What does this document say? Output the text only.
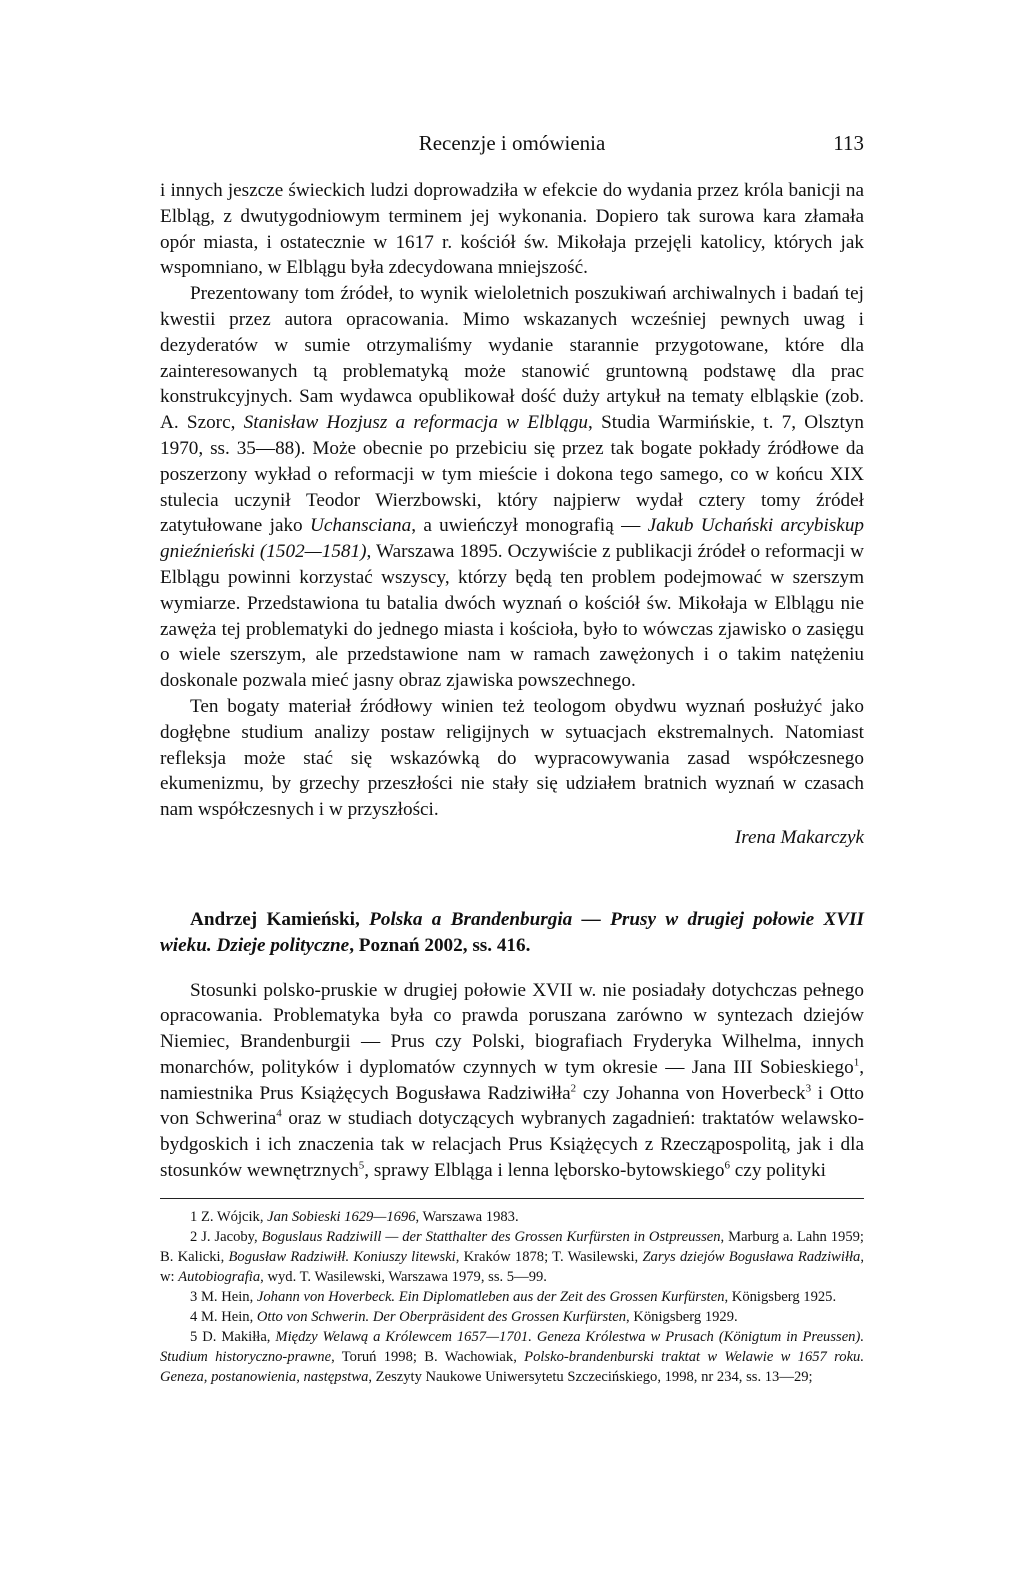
Recenzje i omówienia	113

i innych jeszcze świeckich ludzi doprowadziła w efekcie do wydania przez króla banicji na Elbląg, z dwutygodniowym terminem jej wykonania. Dopiero tak surowa kara złamała opór miasta, i ostatecznie w 1617 r. kościół św. Mikołaja przejęli katolicy, których jak wspomniano, w Elblągu była zdecydowana mniejszość.

Prezentowany tom źródeł, to wynik wieloletnich poszukiwań archiwalnych i badań tej kwestii przez autora opracowania. Mimo wskazanych wcześniej pewnych uwag i dezyderatów w sumie otrzymaliśmy wydanie starannie przygotowane, które dla zainteresowanych tą problematyką może stanowić gruntowną podstawę dla prac konstrukcyjnych. Sam wydawca opublikował dość duży artykuł na tematy elbląskie (zob. A. Szorc, Stanisław Hozjusz a reformacja w Elblągu, Studia Warmińskie, t. 7, Olsztyn 1970, ss. 35—88). Może obecnie po przebiciu się przez tak bogate pokłady źródłowe da poszerzony wykład o reformacji w tym mieście i dokona tego samego, co w końcu XIX stulecia uczynił Teodor Wierzbowski, który najpierw wydał cztery tomy źródeł zatytułowane jako Uchansciana, a uwieńczył monografią — Jakub Uchański arcybiskup gnieźnieński (1502—1581), Warszawa 1895. Oczywiście z publikacji źródeł o reformacji w Elblągu powinni korzystać wszyscy, którzy będą ten problem podejmować w szerszym wymiarze. Przedstawiona tu batalia dwóch wyznań o kościół św. Mikołaja w Elblągu nie zawęża tej problematyki do jednego miasta i kościoła, było to wówczas zjawisko o zasięgu o wiele szerszym, ale przedstawione nam w ramach zawężonych i o takim natężeniu doskonale pozwala mieć jasny obraz zjawiska powszechnego.

Ten bogaty materiał źródłowy winien też teologom obydwu wyznań posłużyć jako dogłębne studium analizy postaw religijnych w sytuacjach ekstremalnych. Natomiast refleksja może stać się wskazówką do wypracowywania zasad współczesnego ekumenizmu, by grzechy przeszłości nie stały się udziałem bratnich wyznań w czasach nam współczesnych i w przyszłości.

Irena Makarczyk

Andrzej Kamieński, Polska a Brandenburgia — Prusy w drugiej połowie XVII wieku. Dzieje polityczne, Poznań 2002, ss. 416.

Stosunki polsko-pruskie w drugiej połowie XVII w. nie posiadały dotychczas pełnego opracowania. Problematyka była co prawda poruszana zarówno w syntezach dziejów Niemiec, Brandenburgii — Prus czy Polski, biografiach Fryderyka Wilhelma, innych monarchów, polityków i dyplomatów czynnych w tym okresie — Jana III Sobieskiego$^1$, namiestnika Prus Książęcych Bogusława Radziwiłła$^2$ czy Johanna von Hoverbeck$^3$ i Otto von Schwerina$^4$ oraz w studiach dotyczących wybranych zagadnień: traktatów welawsko-bydgoskich i ich znaczenia tak w relacjach Prus Książęcych z Rzecząpospolitą, jak i dla stosunków wewnętrznych$^5$, sprawy Elbląga i lenna lęborsko-bytowskiego$^6$ czy polityki

1 Z. Wójcik, Jan Sobieski 1629—1696, Warszawa 1983.

2 J. Jacoby, Boguslaus Radziwill — der Statthalter des Grossen Kurfürsten in Ostpreussen, Marburg a. Lahn 1959; B. Kalicki, Bogusław Radziwiłł. Koniuszy litewski, Kraków 1878; T. Wasilewski, Zarys dziejów Bogusława Radziwiłła, w: Autobiografia, wyd. T. Wasilewski, Warszawa 1979, ss. 5—99.

3 M. Hein, Johann von Hoverbeck. Ein Diplomatleben aus der Zeit des Grossen Kurfürsten, Königsberg 1925.

4 M. Hein, Otto von Schwerin. Der Oberpräsident des Grossen Kurfürsten, Königsberg 1929.

5 D. Makiłła, Między Welawą a Królewcem 1657—1701. Geneza Królestwa w Prusach (Königtum in Preussen). Studium historyczno-prawne, Toruń 1998; B. Wachowiak, Polsko-brandenburski traktat w Welawie w 1657 roku. Geneza, postanowienia, następstwa, Zeszyty Naukowe Uniwersytetu Szczecińskiego, 1998, nr 234, ss. 13—29;
